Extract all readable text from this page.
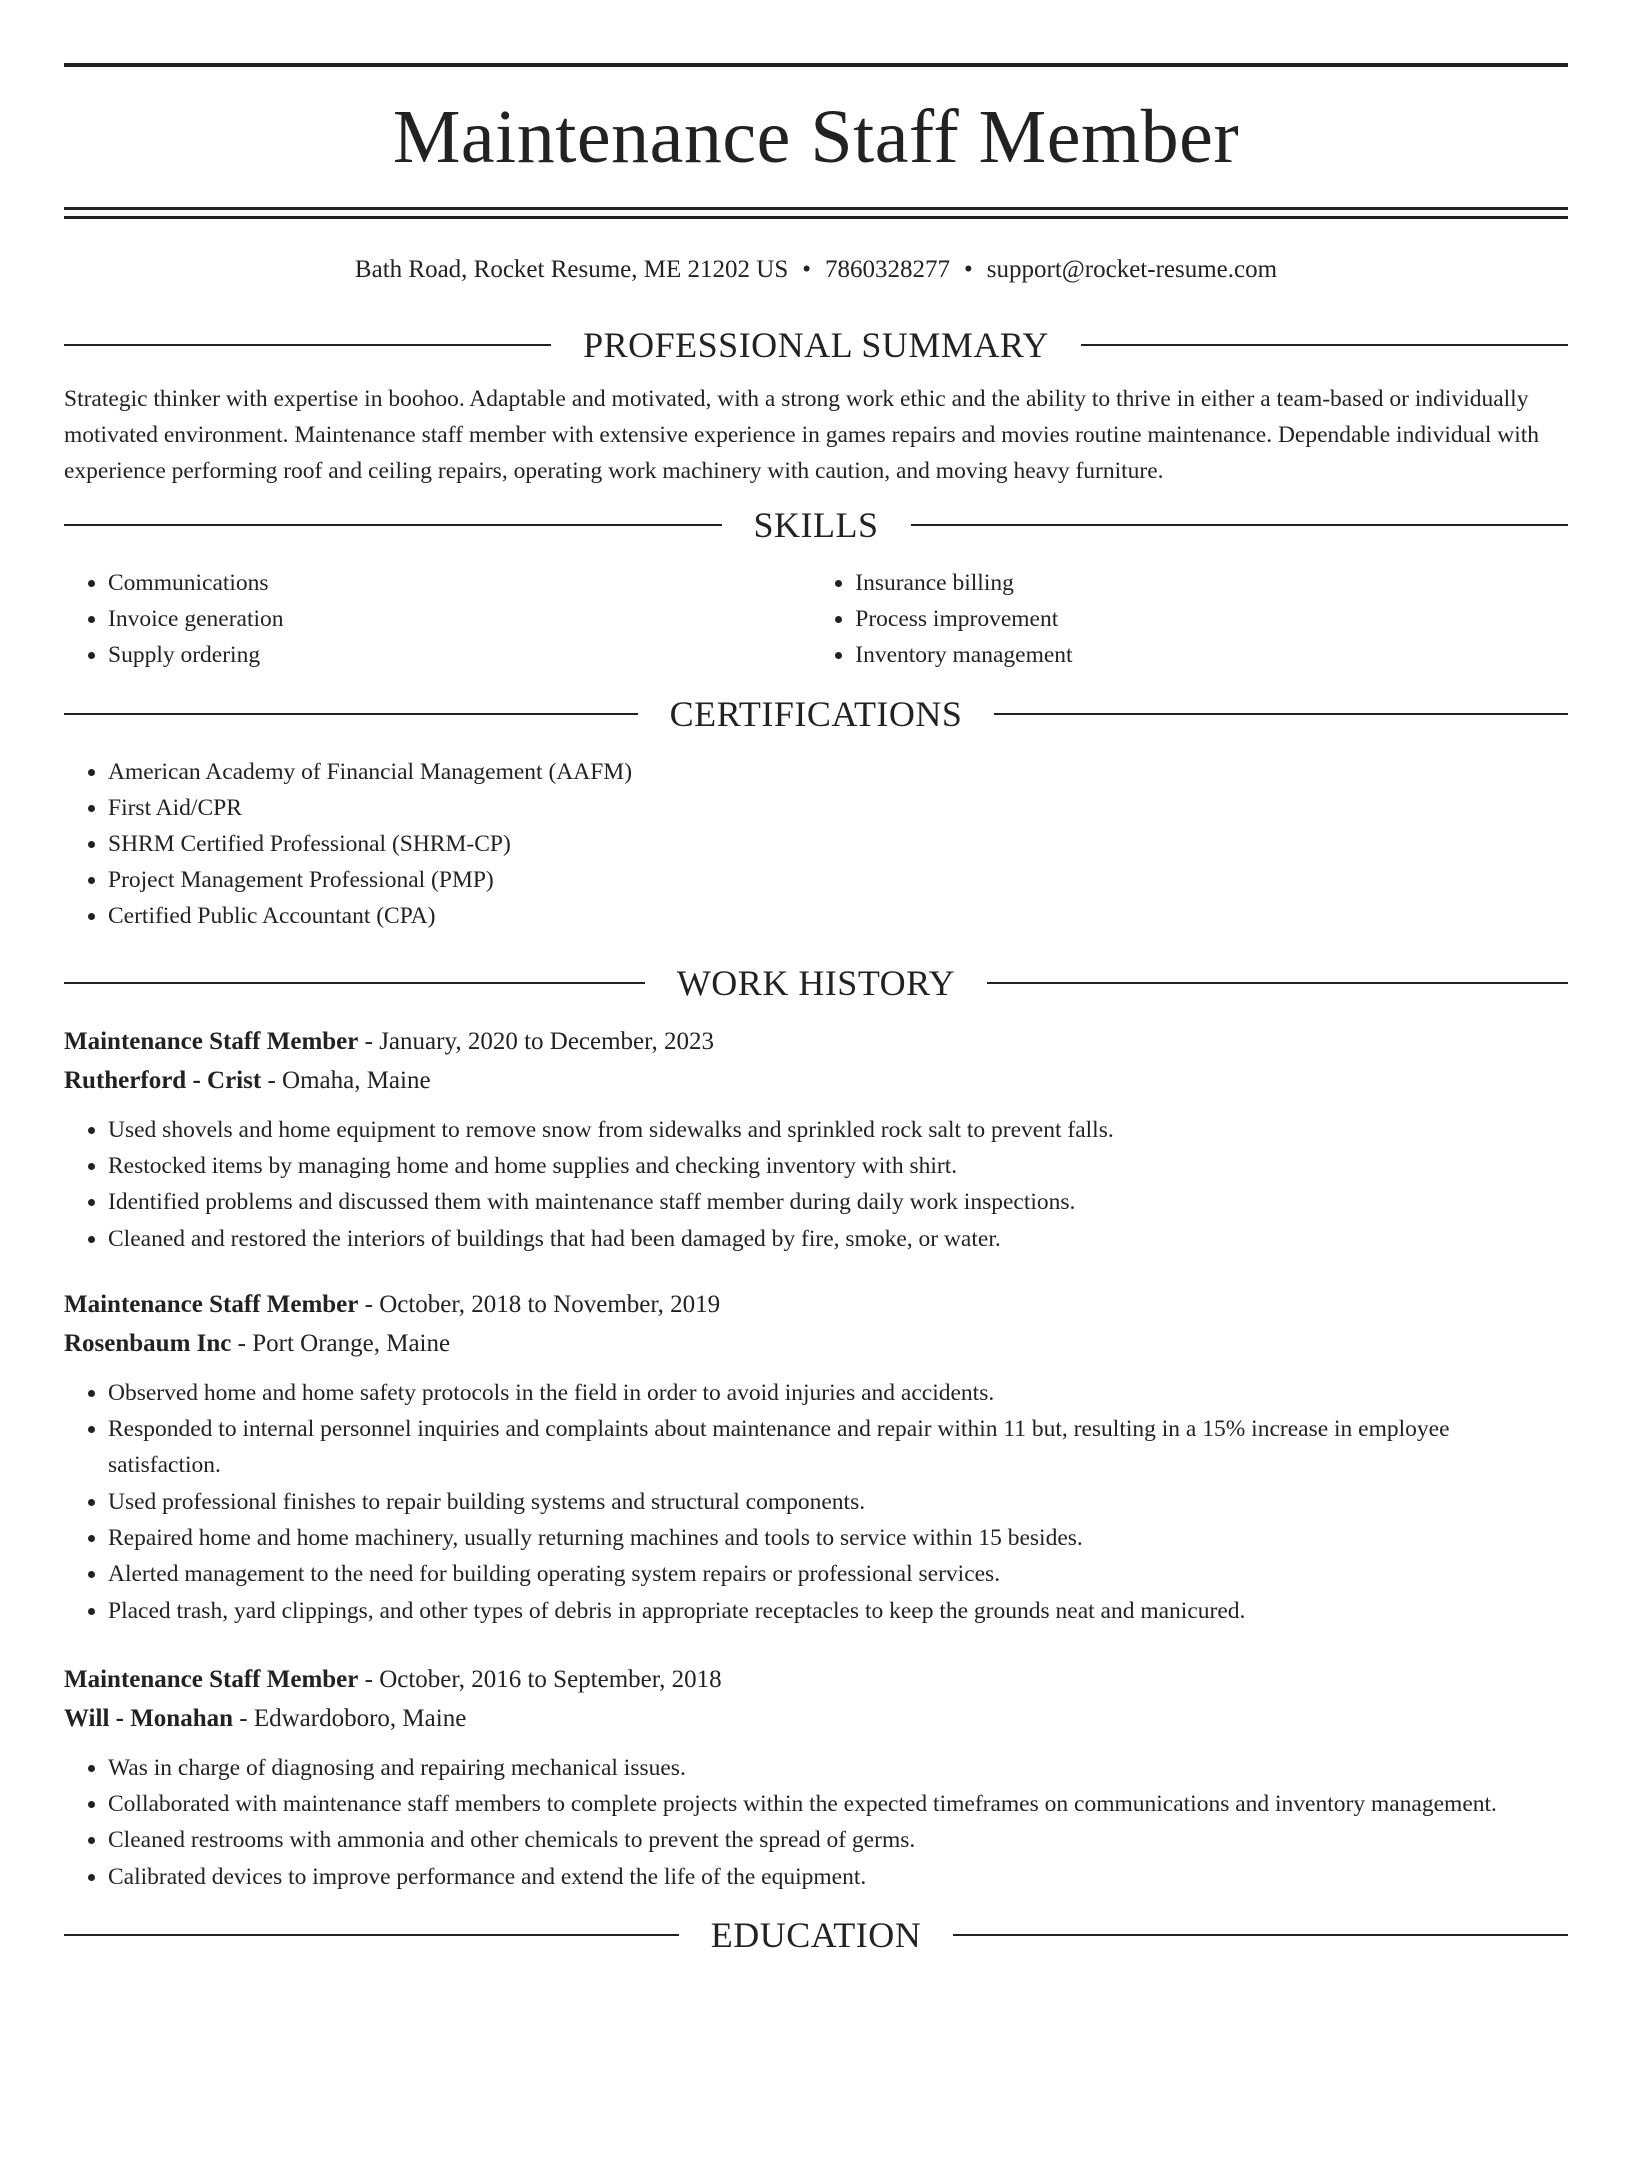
Maintenance Staff Member
Bath Road, Rocket Resume, ME 21202 US • 7860328277 • support@rocket-resume.com
PROFESSIONAL SUMMARY

Strategic thinker with expertise in boohoo. Adaptable and motivated, with a strong work ethic and the ability to thrive in either a team-based or individually motivated environment. Maintenance staff member with extensive experience in games repairs and movies routine maintenance. Dependable individual with experience performing roof and ceiling repairs, operating work machinery with caution, and moving heavy furniture.

SKILLS
• Communications
• Invoice generation
• Supply ordering
• Insurance billing
• Process improvement
• Inventory management
CERTIFICATIONS
• American Academy of Financial Management (AAFM)
• First Aid/CPR
• SHRM Certified Professional (SHRM-CP)
• Project Management Professional (PMP)
• Certified Public Accountant (CPA)
WORK HISTORY
Maintenance Staff Member - January, 2020 to December, 2023
Rutherford - Crist - Omaha, Maine
• Used shovels and home equipment to remove snow from sidewalks and sprinkled rock salt to prevent falls.
• Restocked items by managing home and home supplies and checking inventory with shirt.
• Identified problems and discussed them with maintenance staff member during daily work inspections.
• Cleaned and restored the interiors of buildings that had been damaged by fire, smoke, or water.
Maintenance Staff Member - October, 2018 to November, 2019
Rosenbaum Inc - Port Orange, Maine
• Observed home and home safety protocols in the field in order to avoid injuries and accidents.
• Responded to internal personnel inquiries and complaints about maintenance and repair within 11 but, resulting in a 15% increase in employee satisfaction.
• Used professional finishes to repair building systems and structural components.
• Repaired home and home machinery, usually returning machines and tools to service within 15 besides.
• Alerted management to the need for building operating system repairs or professional services.
• Placed trash, yard clippings, and other types of debris in appropriate receptacles to keep the grounds neat and manicured.
Maintenance Staff Member - October, 2016 to September, 2018
Will - Monahan - Edwardoboro, Maine
• Was in charge of diagnosing and repairing mechanical issues.
• Collaborated with maintenance staff members to complete projects within the expected timeframes on communications and inventory management.
• Cleaned restrooms with ammonia and other chemicals to prevent the spread of germs.
• Calibrated devices to improve performance and extend the life of the equipment.
EDUCATION
